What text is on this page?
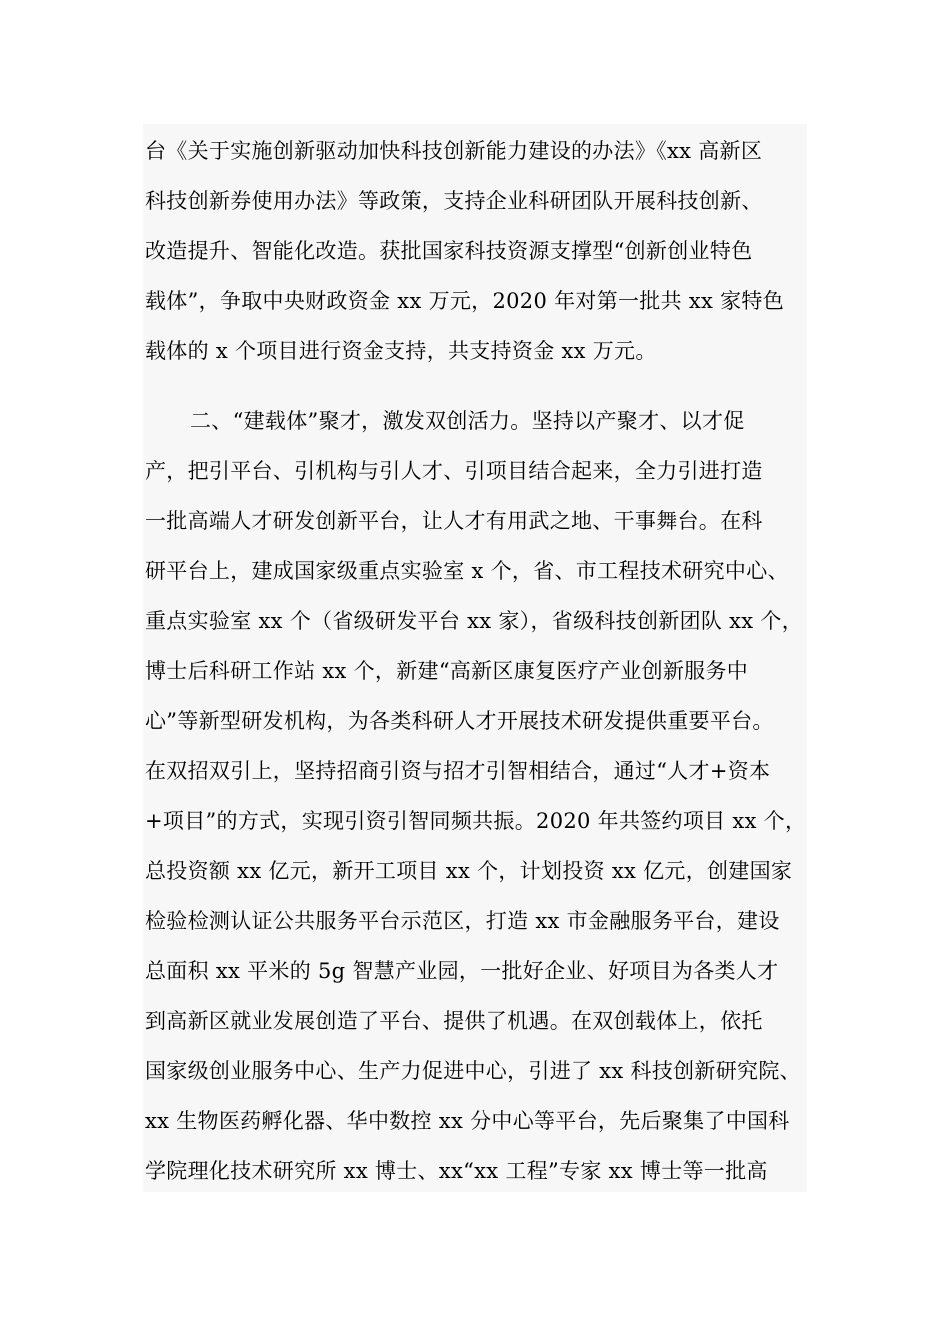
台《关于实施创新驱动加快科技创新能力建设的办法》《xx 高新区

科技创新券使用办法》等政策，支持企业科研团队开展科技创新、

改造提升、智能化改造。获批国家科技资源支撑型“创新创业特色

载体”，争取中央财政资金 xx 万元，2020 年对第一批共 xx 家特色

载体的 x 个项目进行资金支持，共支持资金 xx 万元。

二、“建载体”聚才，激发双创活力。坚持以产聚才、以才促

产，把引平台、引机构与引人才、引项目结合起来，全力引进打造

一批高端人才研发创新平台，让人才有用武之地、干事舞台。在科

研平台上，建成国家级重点实验室 x 个，省、市工程技术研究中心、

重点实验室 xx 个（省级研发平台 xx 家），省级科技创新团队 xx 个，

博士后科研工作站 xx 个，新建“高新区康复医疗产业创新服务中

心”等新型研发机构，为各类科研人才开展技术研发提供重要平台。

在双招双引上，坚持招商引资与招才引智相结合，通过“人才+资本

+项目”的方式，实现引资引智同频共振。2020 年共签约项目 xx 个，

总投资额 xx 亿元，新开工项目 xx 个，计划投资 xx 亿元，创建国家

检验检测认证公共服务平台示范区，打造 xx 市金融服务平台，建设

总面积 xx 平米的 5g 智慧产业园，一批好企业、好项目为各类人才

到高新区就业发展创造了平台、提供了机遇。在双创载体上，依托

国家级创业服务中心、生产力促进中心，引进了 xx 科技创新研究院、

xx 生物医药孵化器、华中数控 xx 分中心等平台，先后聚集了中国科

学院理化技术研究所 xx 博士、xx“xx 工程”专家 xx 博士等一批高
